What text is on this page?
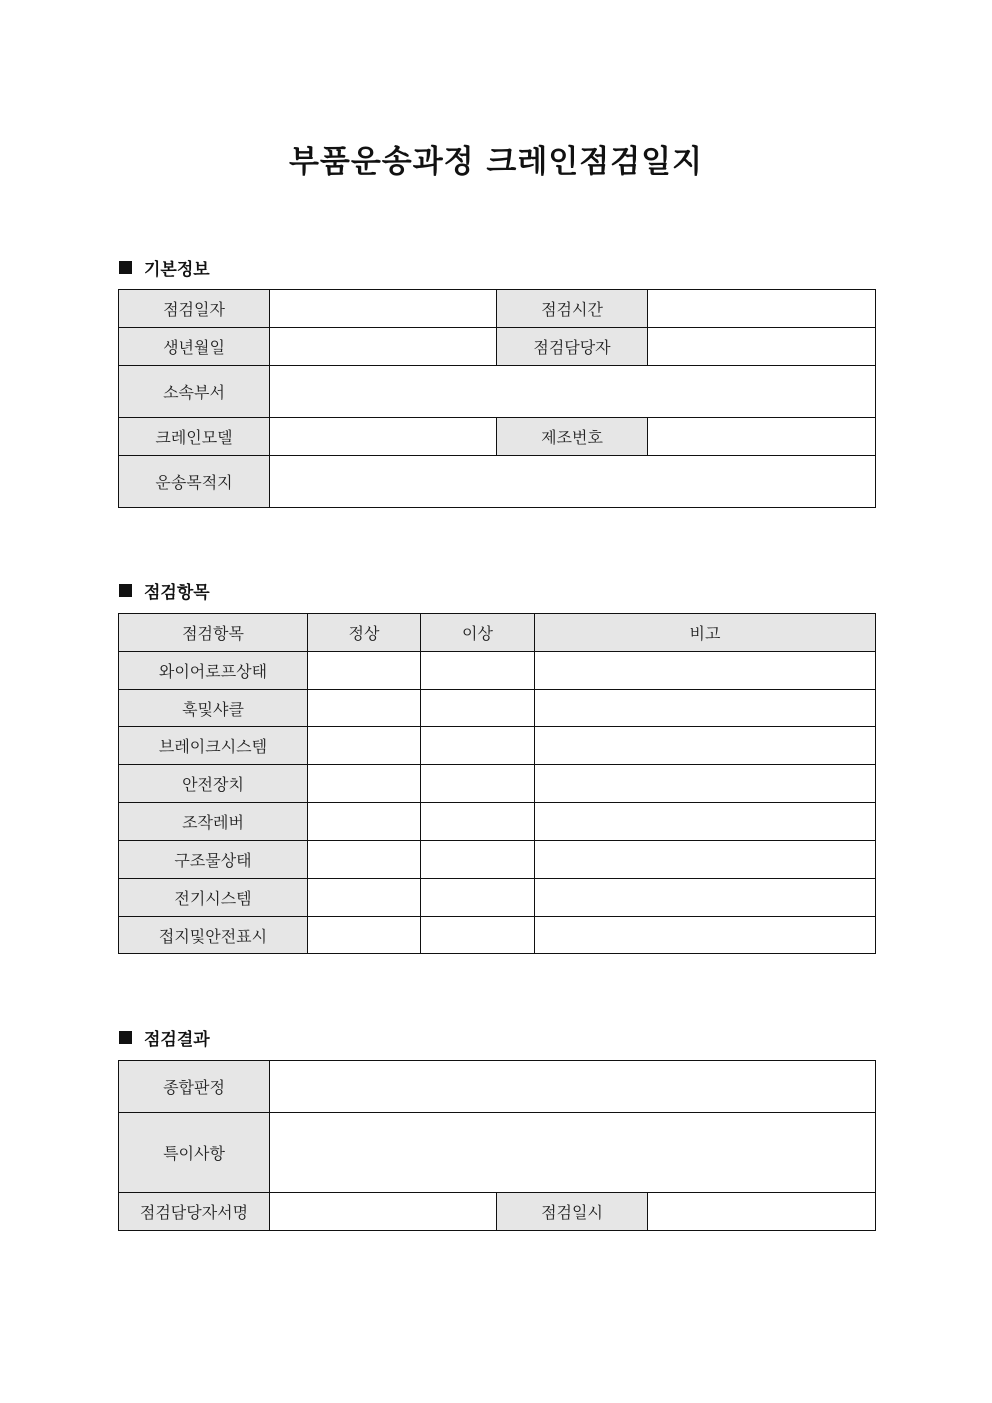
부품운송과정 크레인점검일지
기본정보
점검일자		점검시간	
생년월일		점검담당자	
소속부서			
크레인모델		제조번호	
운송목적지			
점검항목
점검항목	정상	이상	비고
와이어로프상태			
훅및샤클			
브레이크시스템			
안전장치			
조작레버			
구조물상태			
전기시스템			
접지및안전표시			
점검결과
종합판정			
특이사항			
점검담당자서명		점검일시	
